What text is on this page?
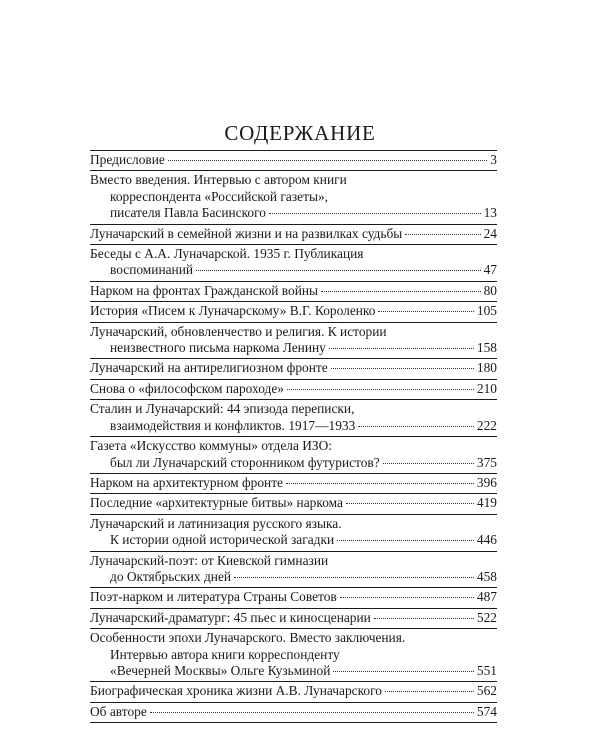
СОДЕРЖАНИЕ
Предисловие	3
Вместо введения. Интервью с автором книги
корреспондента «Российской газеты»,
писателя Павла Басинского	13
Луначарский в семейной жизни и на развилках судьбы	24
Беседы с А.А. Луначарской. 1935 г. Публикация
воспоминаний	47
Нарком на фронтах Гражданской войны	80
История «Писем к Луначарскому» В.Г. Короленко	105
Луначарский, обновленчество и религия. К истории
неизвестного письма наркома Ленину	158
Луначарский на антирелигиозном фронте	180
Снова о «философском пароходе»	210
Сталин и Луначарский: 44 эпизода переписки,
взаимодействия и конфликтов. 1917—1933	222
Газета «Искусство коммуны» отдела ИЗО:
был ли Луначарский сторонником футуристов?	375
Нарком на архитектурном фронте	396
Последние «архитектурные битвы» наркома	419
Луначарский и латинизация русского языка.
К истории одной исторической загадки	446
Луначарский-поэт: от Киевской гимназии
до Октябрьских дней	458
Поэт-нарком и литература Страны Советов	487
Луначарский-драматург: 45 пьес и киносценарии	522
Особенности эпохи Луначарского. Вместо заключения.
Интервью автора книги корреспонденту
«Вечерней Москвы» Ольге Кузьминой	551
Биографическая хроника жизни А.В. Луначарского	562
Об авторе	574
